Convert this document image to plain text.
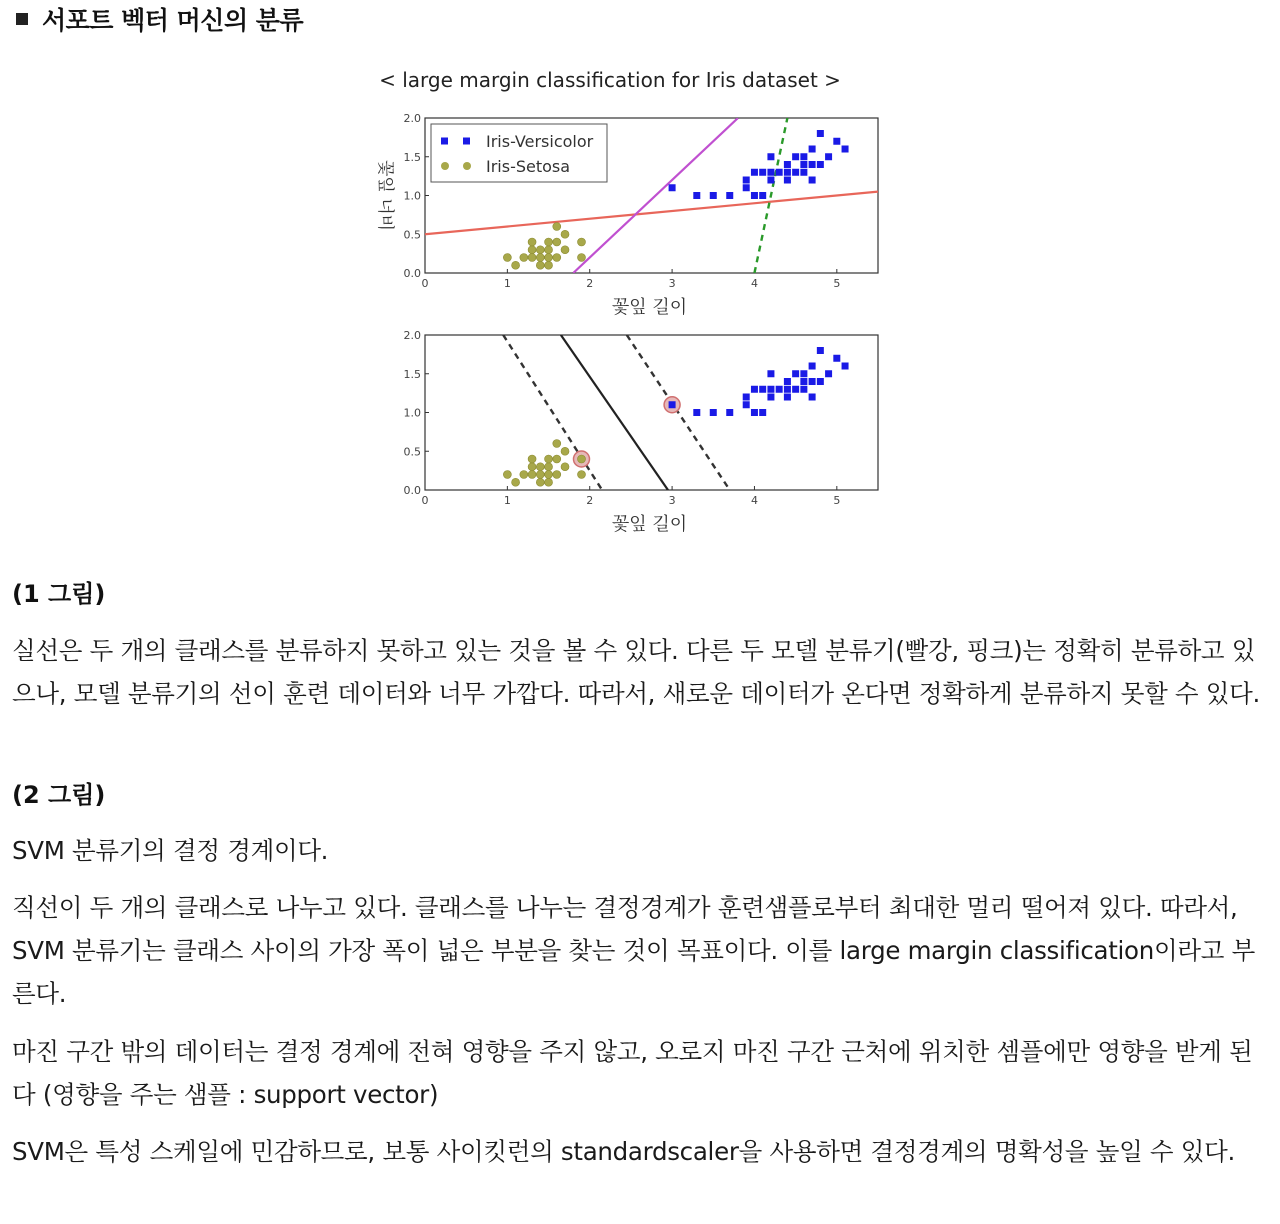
서포트 벡터 머신의 분류
< large margin classification for Iris dataset >
0	1	2	3	4	5
0.0
0.5
1.0
1.5
2.0
꽃잎 길이
꽃잎 너비
Iris-Versicolor
Iris-Setosa
0	1	2	3	4	5
0.0
0.5
1.0
1.5
2.0
꽃잎 길이
(1 그림)
실선은 두 개의 클래스를 분류하지 못하고 있는 것을 볼 수 있다. 다른 두 모델 분류기(빨강, 핑크)는 정확히 분류하고 있으나, 모델 분류기의 선이 훈련 데이터와 너무 가깝다. 따라서, 새로운 데이터가 온다면 정확하게 분류하지 못할 수 있다.
(2 그림)
SVM 분류기의 결정 경계이다.
직선이 두 개의 클래스로 나누고 있다. 클래스를 나누는 결정경계가 훈련샘플로부터 최대한 멀리 떨어져 있다. 따라서, SVM 분류기는 클래스 사이의 가장 폭이 넓은 부분을 찾는 것이 목표이다. 이를 large margin classification이라고 부른다.
마진 구간 밖의 데이터는 결정 경계에 전혀 영향을 주지 않고, 오로지 마진 구간 근처에 위치한 셈플에만 영향을 받게 된다 (영향을 주는 샘플 : support vector)
SVM은 특성 스케일에 민감하므로, 보통 사이킷런의 standardscaler을 사용하면 결정경계의 명확성을 높일 수 있다.
